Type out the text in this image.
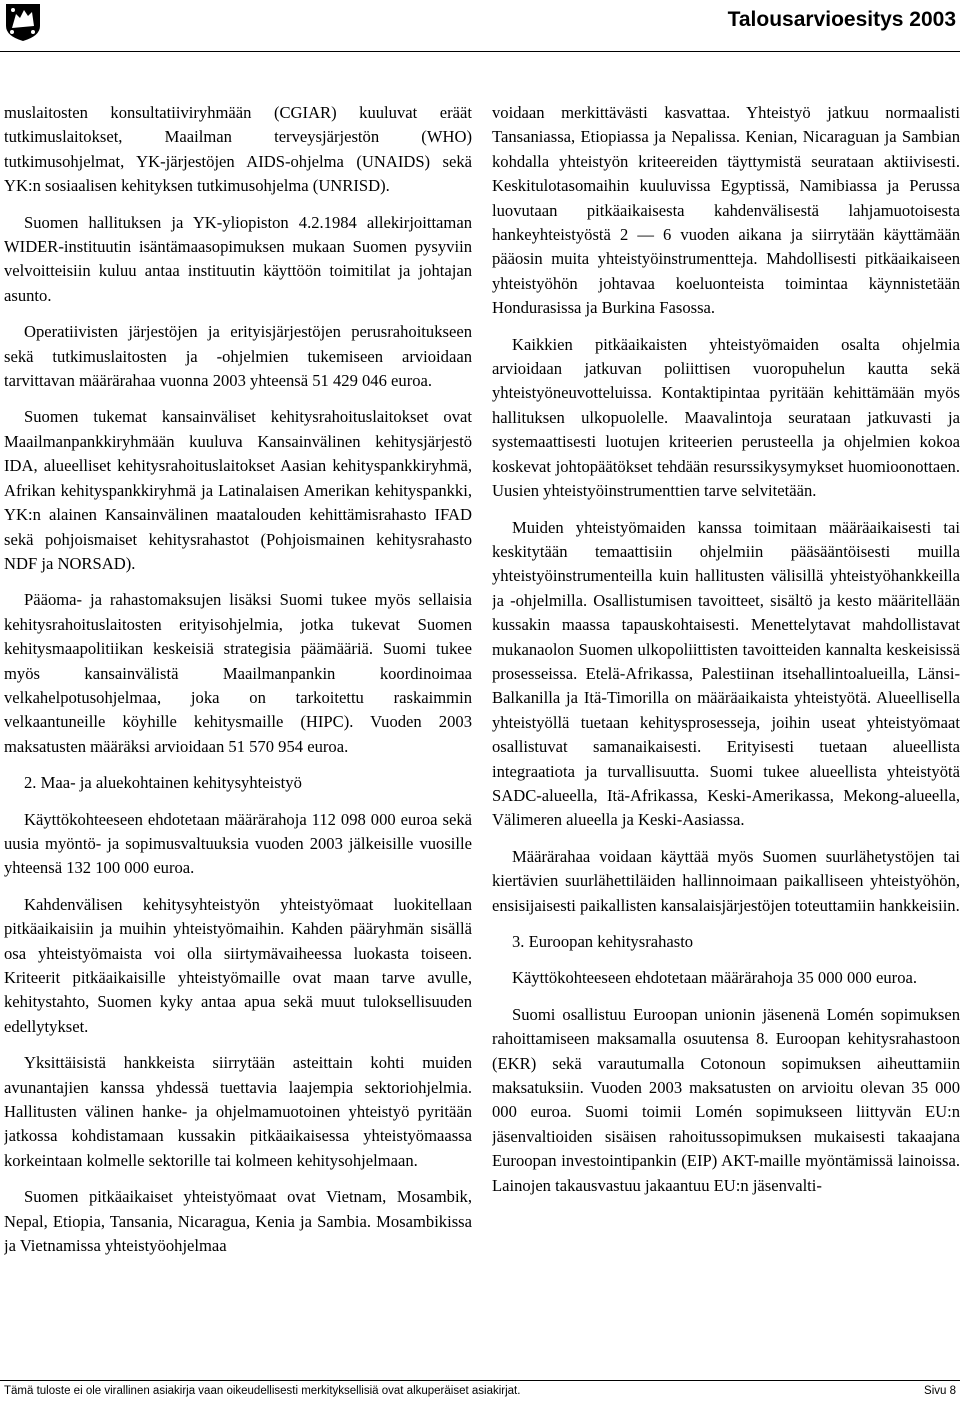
Talousarvioesitys 2003

muslaitosten konsultatiiviryhmään (CGIAR) kuuluvat eräät tutkimuslaitokset, Maailman terveysjärjestön (WHO) tutkimusohjelmat, YK-järjestöjen AIDS-ohjelma (UNAIDS) sekä YK:n sosiaalisen kehityksen tutkimusohjelma (UNRISD).

Suomen hallituksen ja YK-yliopiston 4.2.1984 allekirjoittaman WIDER-instituutin isäntämaasopimuksen mukaan Suomen pysyviin velvoitteisiin kuluu antaa instituutin käyttöön toimitilat ja johtajan asunto.

Operatiivisten järjestöjen ja erityisjärjestöjen perusrahoitukseen sekä tutkimuslaitosten ja -ohjelmien tukemiseen arvioidaan tarvittavan määrärahaa vuonna 2003 yhteensä 51 429 046 euroa.

Suomen tukemat kansainväliset kehitysrahoituslaitokset ovat Maailmanpankkiryhmään kuuluva Kansainvälinen kehitysjärjestö IDA, alueelliset kehitysrahoituslaitokset Aasian kehityspankkiryhmä, Afrikan kehityspankkiryhmä ja Latinalaisen Amerikan kehityspankki, YK:n alainen Kansainvälinen maatalouden kehittämisrahasto IFAD sekä pohjoismaiset kehitysrahastot (Pohjoismainen kehitysrahasto NDF ja NORSAD).

Pääoma- ja rahastomaksujen lisäksi Suomi tukee myös sellaisia kehitysrahoituslaitosten erityisohjelmia, jotka tukevat Suomen kehitysmaapolitiikan keskeisiä strategisia päämääriä. Suomi tukee myös kansainvälistä Maailmanpankin koordinoimaa velkahelpotusohjelmaa, joka on tarkoitettu raskaimmin velkaantuneille köyhille kehitysmaille (HIPC). Vuoden 2003 maksatusten määräksi arvioidaan 51 570 954 euroa.

2. Maa- ja aluekohtainen kehitysyhteistyö

Käyttökohteeseen ehdotetaan määrärahoja 112 098 000 euroa sekä uusia myöntö- ja sopimusvaltuuksia vuoden 2003 jälkeisille vuosille yhteensä 132 100 000 euroa.

Kahdenvälisen kehitysyhteistyön yhteistyömaat luokitellaan pitkäaikaisiin ja muihin yhteistyömaihin. Kahden pääryhmän sisällä osa yhteistyömaista voi olla siirtymävaiheessa luokasta toiseen. Kriteerit pitkäaikaisille yhteistyömaille ovat maan tarve avulle, kehitystahto, Suomen kyky antaa apua sekä muut tuloksellisuuden edellytykset.

Yksittäisistä hankkeista siirrytään asteittain kohti muiden avunantajien kanssa yhdessä tuettavia laajempia sektoriohjelmia. Hallitusten välinen hanke- ja ohjelmamuotoinen yhteistyö pyritään jatkossa kohdistamaan kussakin pitkäaikaisessa yhteistyömaassa korkeintaan kolmelle sektorille tai kolmeen kehitysohjelmaan.

Suomen pitkäaikaiset yhteistyömaat ovat Vietnam, Mosambik, Nepal, Etiopia, Tansania, Nicaragua, Kenia ja Sambia. Mosambikissa ja Vietnamissa yhteistyöohjelmaa

voidaan merkittävästi kasvattaa. Yhteistyö jatkuu normaalisti Tansaniassa, Etiopiassa ja Nepalissa. Kenian, Nicaraguan ja Sambian kohdalla yhteistyön kriteereiden täyttymistä seurataan aktiivisesti. Keskitulotasomaihin kuuluvissa Egyptissä, Namibiassa ja Perussa luovutaan pitkäaikaisesta kahdenvälisestä lahjamuotoisesta hankeyhteistyöstä 2 — 6 vuoden aikana ja siirrytään käyttämään pääosin muita yhteistyöinstrumentteja. Mahdollisesti pitkäaikaiseen yhteistyöhön johtavaa koeluonteista toimintaa käynnistetään Hondurasissa ja Burkina Fasossa.

Kaikkien pitkäaikaisten yhteistyömaiden osalta ohjelmia arvioidaan jatkuvan poliittisen vuoropuhelun kautta sekä yhteistyöneuvotteluissa. Kontaktipintaa pyritään kehittämään myös hallituksen ulkopuolelle. Maavalintoja seurataan jatkuvasti ja systemaattisesti luotujen kriteerien perusteella ja ohjelmien kokoa koskevat johtopäätökset tehdään resurssikysymykset huomioonottaen. Uusien yhteistyöinstrumenttien tarve selvitetään.

Muiden yhteistyömaiden kanssa toimitaan määräaikaisesti tai keskitytään temaattisiin ohjelmiin pääsääntöisesti muilla yhteistyöinstrumenteilla kuin hallitusten välisillä yhteistyöhankkeilla ja -ohjelmilla. Osallistumisen tavoitteet, sisältö ja kesto määritellään kussakin maassa tapauskohtaisesti. Menettelytavat mahdollistavat mukanaolon Suomen ulkopoliittisten tavoitteiden kannalta keskeisissä prosesseissa. Etelä-Afrikassa, Palestiinan itsehallintoalueilla, Länsi-Balkanilla ja Itä-Timorilla on määräaikaista yhteistyötä. Alueellisella yhteistyöllä tuetaan kehitysprosesseja, joihin useat yhteistyömaat osallistuvat samanaikaisesti. Erityisesti tuetaan alueellista integraatiota ja turvallisuutta. Suomi tukee alueellista yhteistyötä SADC-alueella, Itä-Afrikassa, Keski-Amerikassa, Mekong-alueella, Välimeren alueella ja Keski-Aasiassa.

Määrärahaa voidaan käyttää myös Suomen suurlähetystöjen tai kiertävien suurlähettiläiden hallinnoimaan paikalliseen yhteistyöhön, ensisijaisesti paikallisten kansalaisjärjestöjen toteuttamiin hankkeisiin.

3. Euroopan kehitysrahasto

Käyttökohteeseen ehdotetaan määrärahoja 35 000 000 euroa.

Suomi osallistuu Euroopan unionin jäsenenä Lomén sopimuksen rahoittamiseen maksamalla osuutensa 8. Euroopan kehitysrahastoon (EKR) sekä varautumalla Cotonoun sopimuksen aiheuttamiin maksatuksiin. Vuoden 2003 maksatusten on arvioitu olevan 35 000 000 euroa. Suomi toimii Lomén sopimukseen liittyvän EU:n jäsenvaltioiden sisäisen rahoitussopimuksen mukaisesti takaajana Euroopan investointipankin (EIP) AKT-maille myöntämissä lainoissa. Lainojen takausvastuu jakaantuu EU:n jäsenvalti-

Tämä tuloste ei ole virallinen asiakirja vaan oikeudellisesti merkityksellisiä ovat alkuperäiset asiakirjat.	Sivu 8
